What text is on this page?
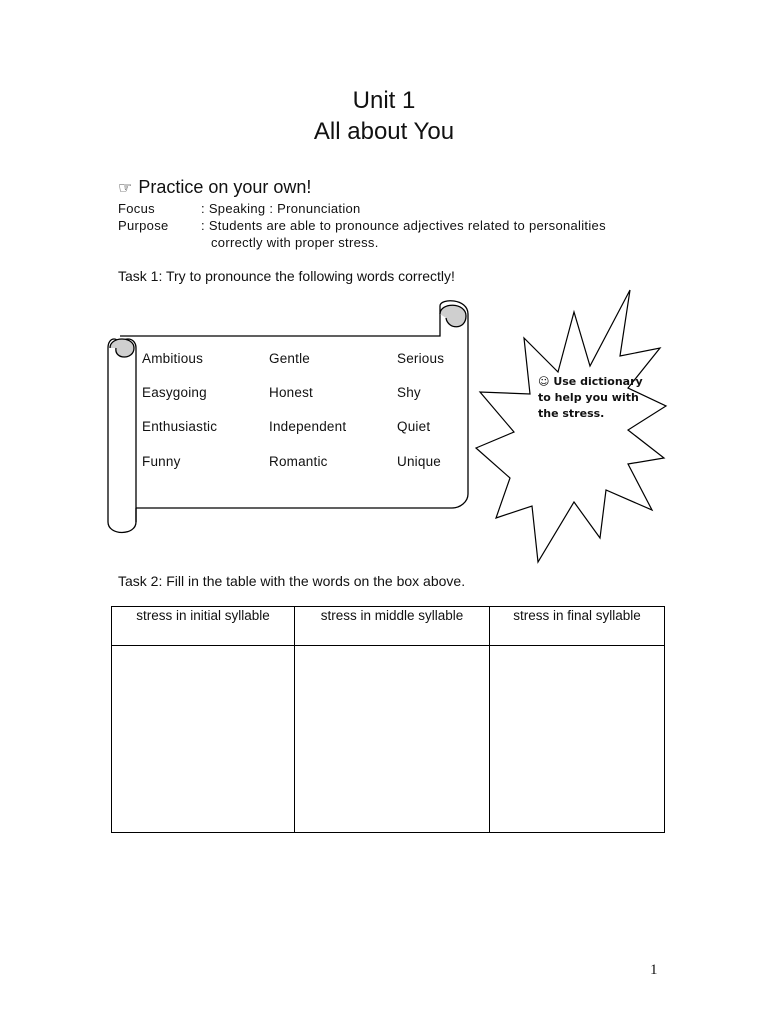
Unit 1
All about You
☞ Practice on your own!
Focus	: Speaking : Pronunciation
Purpose : Students are able to pronounce adjectives related to personalities
correctly with proper stress.
Task 1: Try to pronounce the following words correctly!
Ambitious	Gentle	Serious
Easygoing	Honest	Shy
Enthusiastic	Independent	Quiet
Funny	Romantic	Unique
☺ Use dictionary to help you with the stress.
Task 2: Fill in the table with the words on the box above.
stress in initial syllable	stress in middle syllable	stress in final syllable

1
